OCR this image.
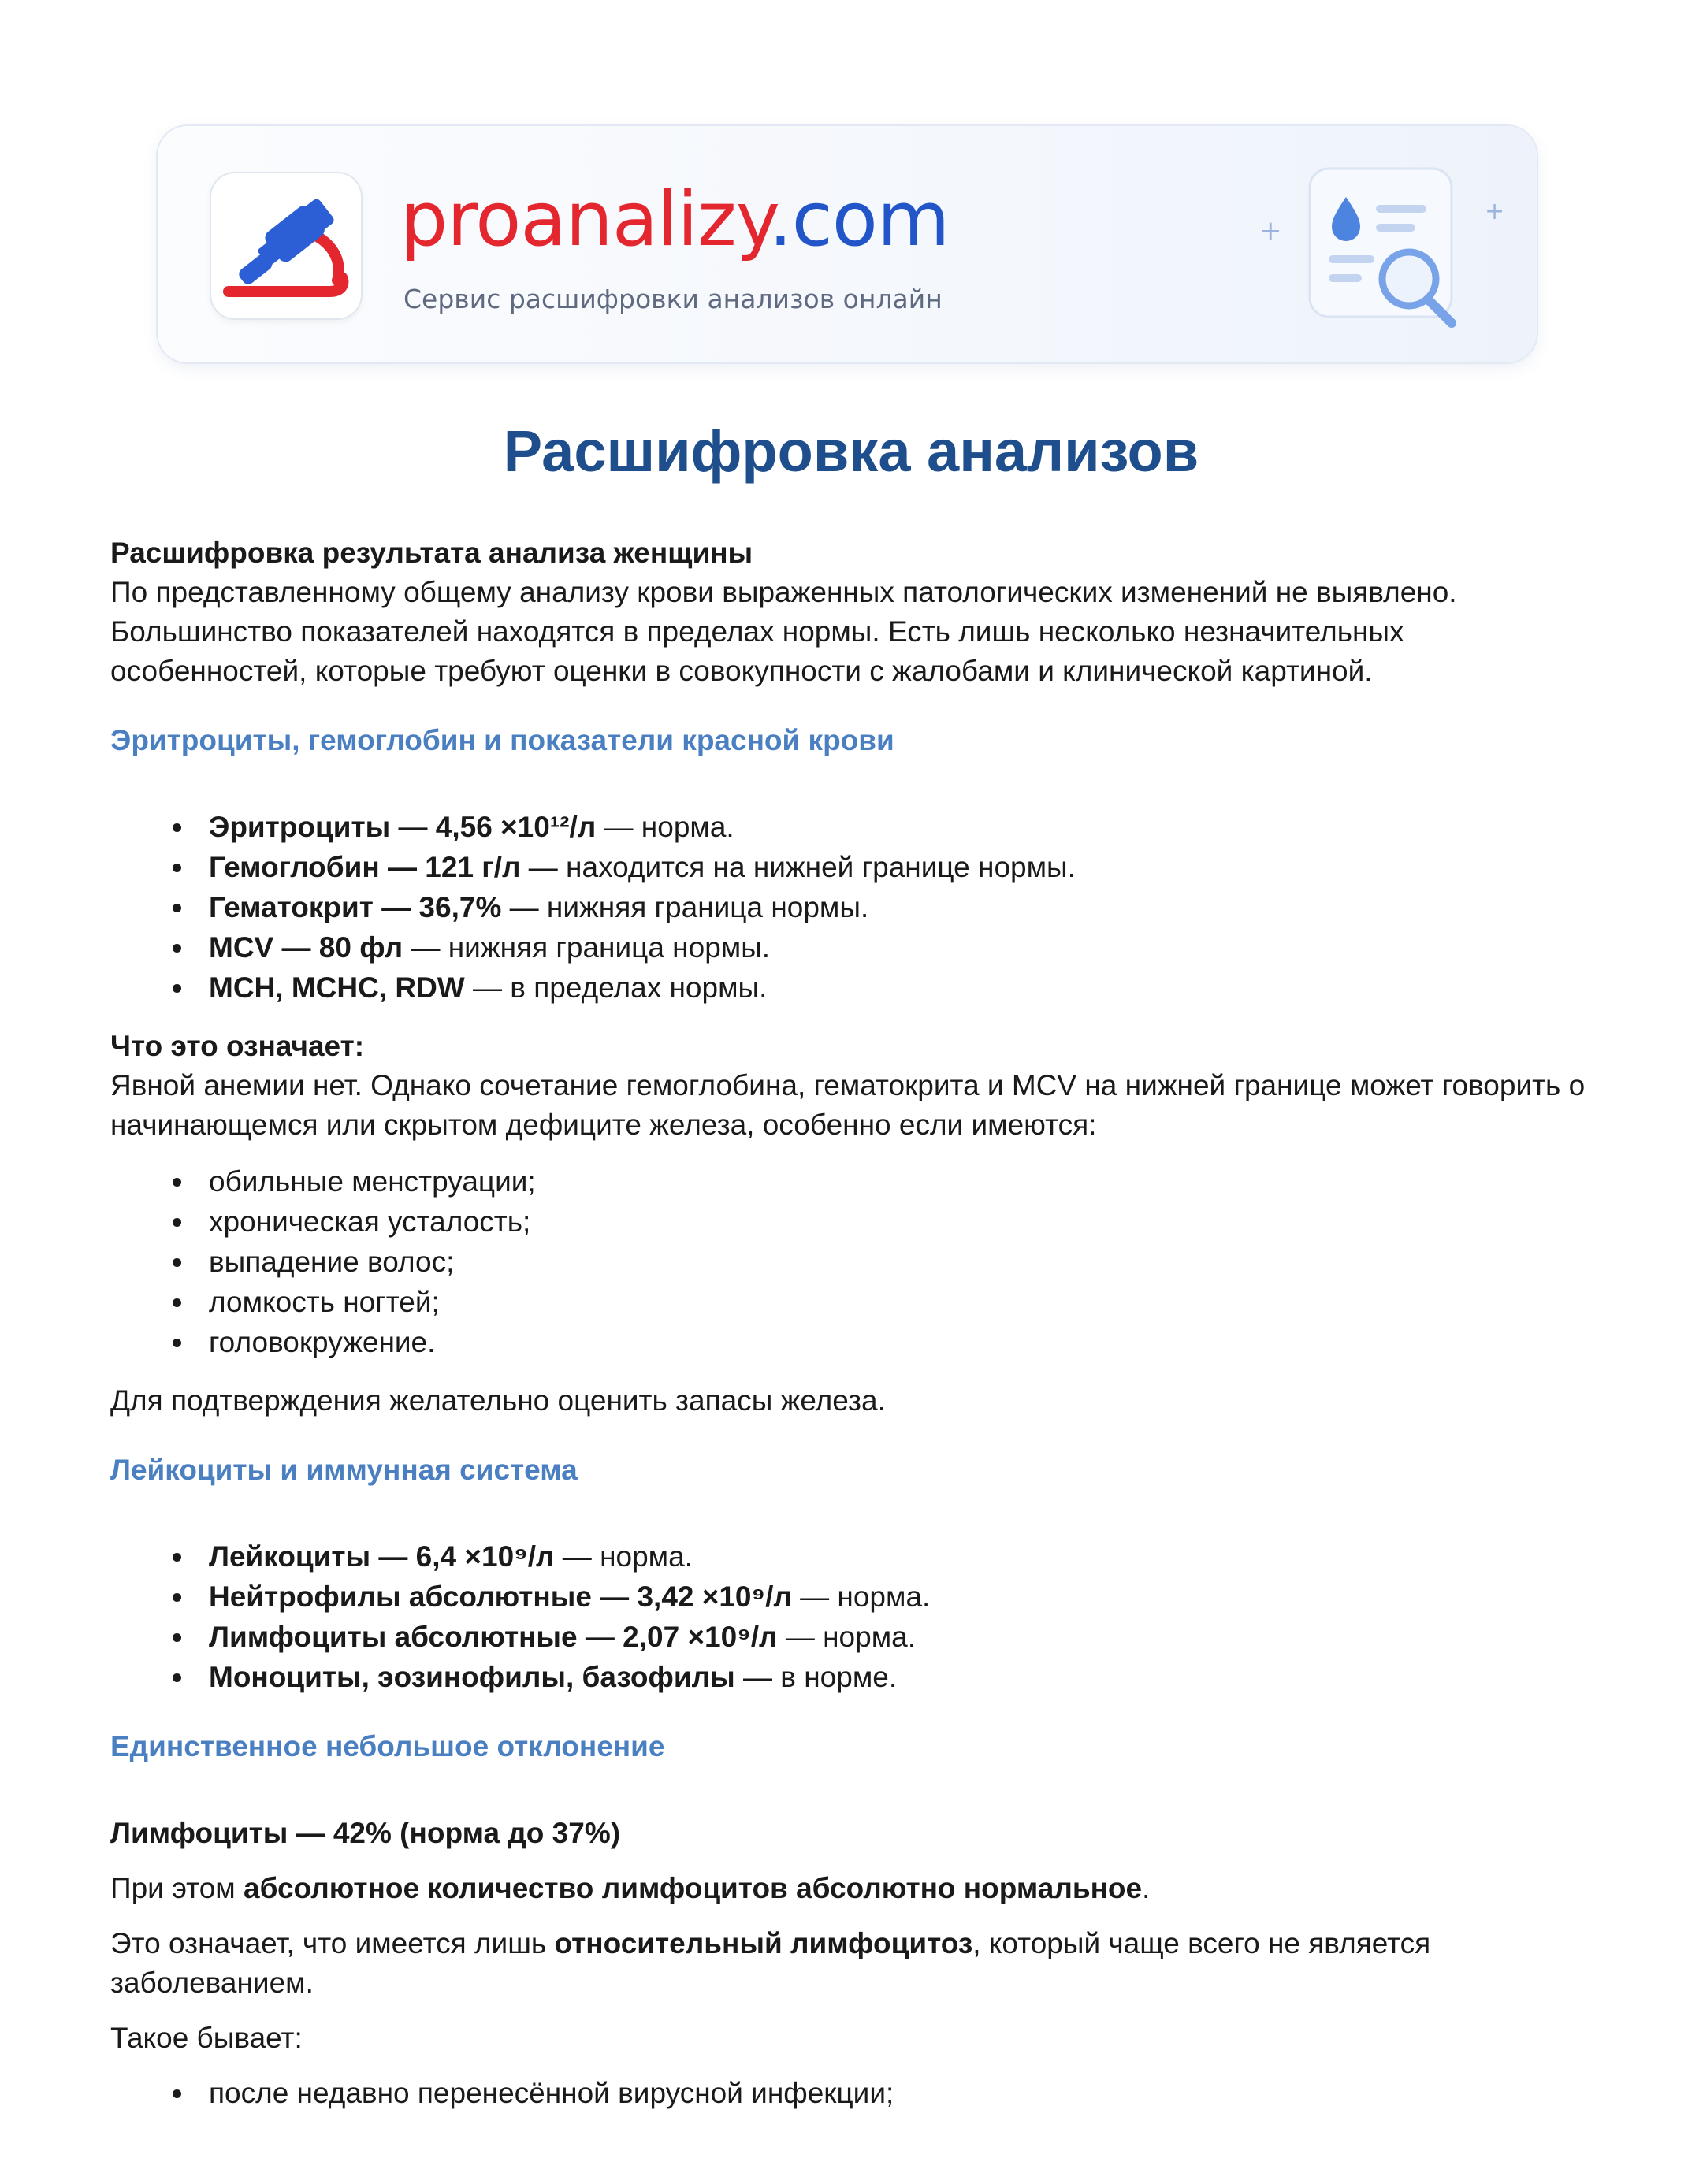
proanalizy.com
Сервис расшифровки анализов онлайн
+
+
Расшифровка анализов

Расшифровка результата анализа женщины

По представленному общему анализу крови выраженных патологических изменений не выявлено. Большинство показателей находятся в пределах нормы. Есть лишь несколько незначительных особенностей, которые требуют оценки в совокупности с жалобами и клинической картиной.

Эритроциты, гемоглобин и показатели красной крови
Эритроциты — 4,56 ×10¹²/л — норма.
Гемоглобин — 121 г/л — находится на нижней границе нормы.
Гематокрит — 36,7% — нижняя граница нормы.
MCV — 80 фл — нижняя граница нормы.
MCH, MCHC, RDW — в пределах нормы.

Что это означает:

Явной анемии нет. Однако сочетание гемоглобина, гематокрита и MCV на нижней границе может говорить о начинающемся или скрытом дефиците железа, особенно если имеются:

обильные менструации;
хроническая усталость;
выпадение волос;
ломкость ногтей;
головокружение.

Для подтверждения желательно оценить запасы железа.

Лейкоциты и иммунная система
Лейкоциты — 6,4 ×10⁹/л — норма.
Нейтрофилы абсолютные — 3,42 ×10⁹/л — норма.
Лимфоциты абсолютные — 2,07 ×10⁹/л — норма.
Моноциты, эозинофилы, базофилы — в норме.
Единственное небольшое отклонение

Лимфоциты — 42% (норма до 37%)

При этом абсолютное количество лимфоцитов абсолютно нормальное.

Это означает, что имеется лишь относительный лимфоцитоз, который чаще всего не является заболеванием.

Такое бывает:

после недавно перенесённой вирусной инфекции;
